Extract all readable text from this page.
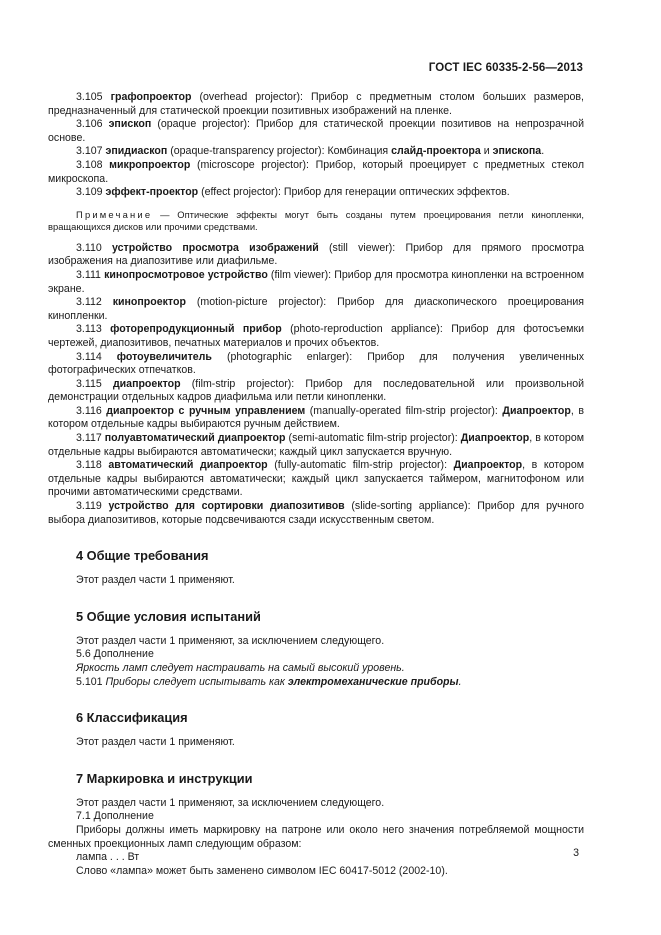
ГОСТ IEC 60335-2-56—2013

3.105 графопроектор (overhead projector): Прибор с предметным столом больших размеров, предназначенный для статической проекции позитивных изображений на пленке.

3.106 эпископ (opaque projector): Прибор для статической проекции позитивов на непрозрачной основе.

3.107 эпидиаскоп (opaque-transparency projector): Комбинация слайд-проектора и эпископа.

3.108 микропроектор (microscope projector): Прибор, который проецирует с предметных стекол микроскопа.

3.109 эффект-проектор (effect projector): Прибор для генерации оптических эффектов.

Примечание — Оптические эффекты могут быть созданы путем проецирования петли кинопленки, вращающихся дисков или прочими средствами.

3.110 устройство просмотра изображений (still viewer): Прибор для прямого просмотра изображения на диапозитиве или диафильме.

3.111 кинопросмотровое устройство (film viewer): Прибор для просмотра кинопленки на встроенном экране.

3.112 кинопроектор (motion-picture projector): Прибор для диаскопического проецирования кинопленки.

3.113 фоторепродукционный прибор (photo-reproduction appliance): Прибор для фотосъемки чертежей, диапозитивов, печатных материалов и прочих объектов.

3.114 фотоувеличитель (photographic enlarger): Прибор для получения увеличенных фотографических отпечатков.

3.115 диапроектор (film-strip projector): Прибор для последовательной или произвольной демонстрации отдельных кадров диафильма или петли кинопленки.

3.116 диапроектор с ручным управлением (manually-operated film-strip projector): Диапроектор, в котором отдельные кадры выбираются ручным действием.

3.117 полуавтоматический диапроектор (semi-automatic film-strip projector): Диапроектор, в котором отдельные кадры выбираются автоматически; каждый цикл запускается вручную.

3.118 автоматический диапроектор (fully-automatic film-strip projector): Диапроектор, в котором отдельные кадры выбираются автоматически; каждый цикл запускается таймером, магнитофоном или прочими автоматическими средствами.

3.119 устройство для сортировки диапозитивов (slide-sorting appliance): Прибор для ручного выбора диапозитивов, которые подсвечиваются сзади искусственным светом.

4 Общие требования

Этот раздел части 1 применяют.

5 Общие условия испытаний

Этот раздел части 1 применяют, за исключением следующего.

5.6 Дополнение

Яркость ламп следует настраивать на самый высокий уровень.

5.101 Приборы следует испытывать как электромеханические приборы.

6 Классификация

Этот раздел части 1 применяют.

7 Маркировка и инструкции

Этот раздел части 1 применяют, за исключением следующего.

7.1 Дополнение

Приборы должны иметь маркировку на патроне или около него значения потребляемой мощности сменных проекционных ламп следующим образом:

лампа . . . Вт

Слово «лампа» может быть заменено символом IEC 60417-5012 (2002-10).

3
